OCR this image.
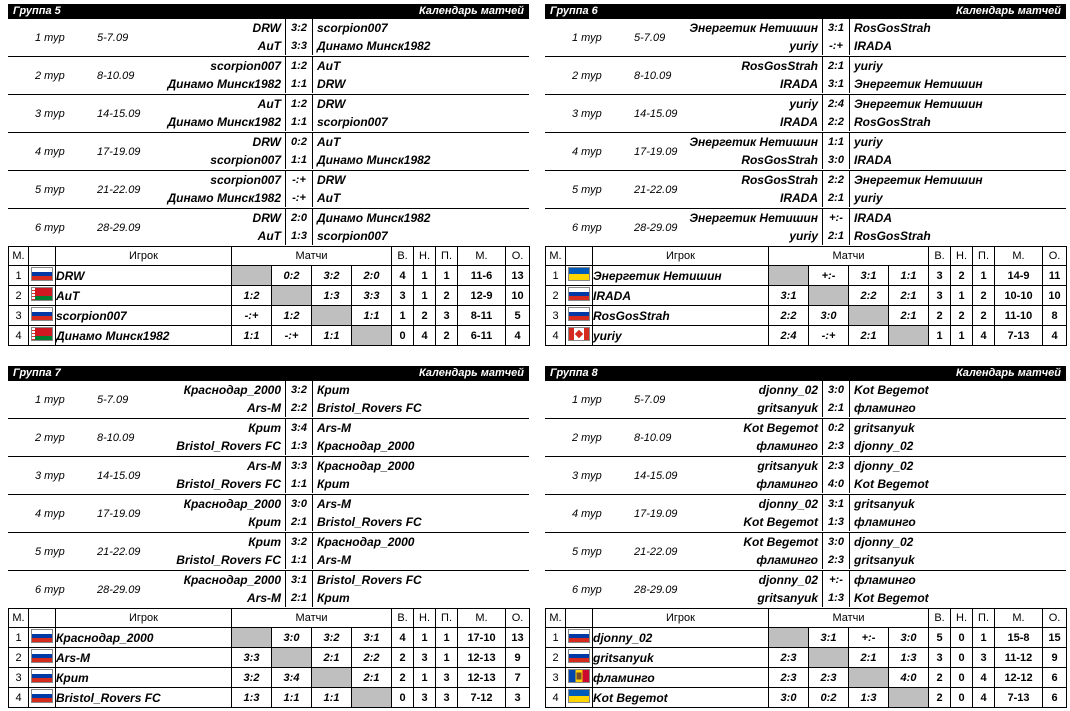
Группа 5	Календарь матчей
1 тур	5-7.09
DRW 3:2 scorpion007
AuT 3:3 Динамо Минск1982
2 тур	8-10.09
scorpion007 1:2 AuT
Динамо Минск1982 1:1 DRW
3 тур	14-15.09
AuT 1:2 DRW
Динамо Минск1982 1:1 scorpion007
4 тур	17-19.09
DRW 0:2 AuT
scorpion007 1:1 Динамо Минск1982
5 тур	21-22.09
scorpion007	-:+ DRW
Динамо Минск1982	-:+ AuT
6 тур	28-29.09
DRW 2:0 Динамо Минск1982
AuT 1:3 scorpion007
М.		Игрок	Матчи				В.	Н.	П.	М.	О.
1		DRW		0:2	3:2	2:0	4	1	1	11-6	13
2		AuT	1:2		1:3	3:3	3	1	2	12-9	10
3		scorpion007	-:+	1:2		1:1	1	2	3	8-11	5
4		Динамо Минск1982	1:1	-:+	1:1		0	4	2	6-11	4
Группа 6	Календарь матчей
1 тур	5-7.09
Энергетик Нетишин 3:1 RosGosStrah
yuriy	-:+ IRADA
2 тур	8-10.09
RosGosStrah 2:1 yuriy
IRADA 3:1 Энергетик Нетишин
3 тур	14-15.09
yuriy 2:4 Энергетик Нетишин
IRADA 2:2 RosGosStrah
4 тур	17-19.09
Энергетик Нетишин 1:1 yuriy
RosGosStrah 3:0 IRADA
5 тур	21-22.09
RosGosStrah 2:2 Энергетик Нетишин
IRADA 2:1 yuriy
6 тур	28-29.09
Энергетик Нетишин	+:- IRADA
yuriy 2:1 RosGosStrah
М.		Игрок	Матчи				В.	Н.	П.	М.	О.
1		Энергетик Нетишин		+:-	3:1	1:1	3	2	1	14-9	11
2		IRADA	3:1		2:2	2:1	3	1	2	10-10	10
3		RosGosStrah	2:2	3:0		2:1	2	2	2	11-10	8
4		yuriy	2:4	-:+	2:1		1	1	4	7-13	4
Группа 7	Календарь матчей
1 тур	5-7.09
Краснодар_2000 3:2 Крит
Ars-M 2:2 Bristol_Rovers FC
2 тур	8-10.09
Крит 3:4 Ars-M
Bristol_Rovers FC 1:3 Краснодар_2000
3 тур	14-15.09
Ars-M 3:3 Краснодар_2000
Bristol_Rovers FC 1:1 Крит
4 тур	17-19.09
Краснодар_2000 3:0 Ars-M
Крит 2:1 Bristol_Rovers FC
5 тур	21-22.09
Крит 3:2 Краснодар_2000
Bristol_Rovers FC 1:1 Ars-M
6 тур	28-29.09
Краснодар_2000 3:1 Bristol_Rovers FC
Ars-M 2:1 Крит
М.		Игрок	Матчи				В.	Н.	П.	М.	О.
1		Краснодар_2000		3:0	3:2	3:1	4	1	1	17-10	13
2		Ars-M	3:3		2:1	2:2	2	3	1	12-13	9
3		Крит	3:2	3:4		2:1	2	1	3	12-13	7
4		Bristol_Rovers FC	1:3	1:1	1:1		0	3	3	7-12	3
Группа 8	Календарь матчей
1 тур	5-7.09
djonny_02 3:0 Kot Begemot
gritsanyuk 2:1 фламинго
2 тур	8-10.09
Kot Begemot 0:2 gritsanyuk
фламинго 2:3 djonny_02
3 тур	14-15.09
gritsanyuk 2:3 djonny_02
фламинго 4:0 Kot Begemot
4 тур	17-19.09
djonny_02 3:1 gritsanyuk
Kot Begemot 1:3 фламинго
5 тур	21-22.09
Kot Begemot 3:0 djonny_02
фламинго 2:3 gritsanyuk
6 тур	28-29.09
djonny_02	+:- фламинго
gritsanyuk 1:3 Kot Begemot
М.		Игрок	Матчи				В.	Н.	П.	М.	О.
1		djonny_02		3:1	+:-	3:0	5	0	1	15-8	15
2		gritsanyuk	2:3		2:1	1:3	3	0	3	11-12	9
3		фламинго	2:3	2:3		4:0	2	0	4	12-12	6
4		Kot Begemot	3:0	0:2	1:3		2	0	4	7-13	6
